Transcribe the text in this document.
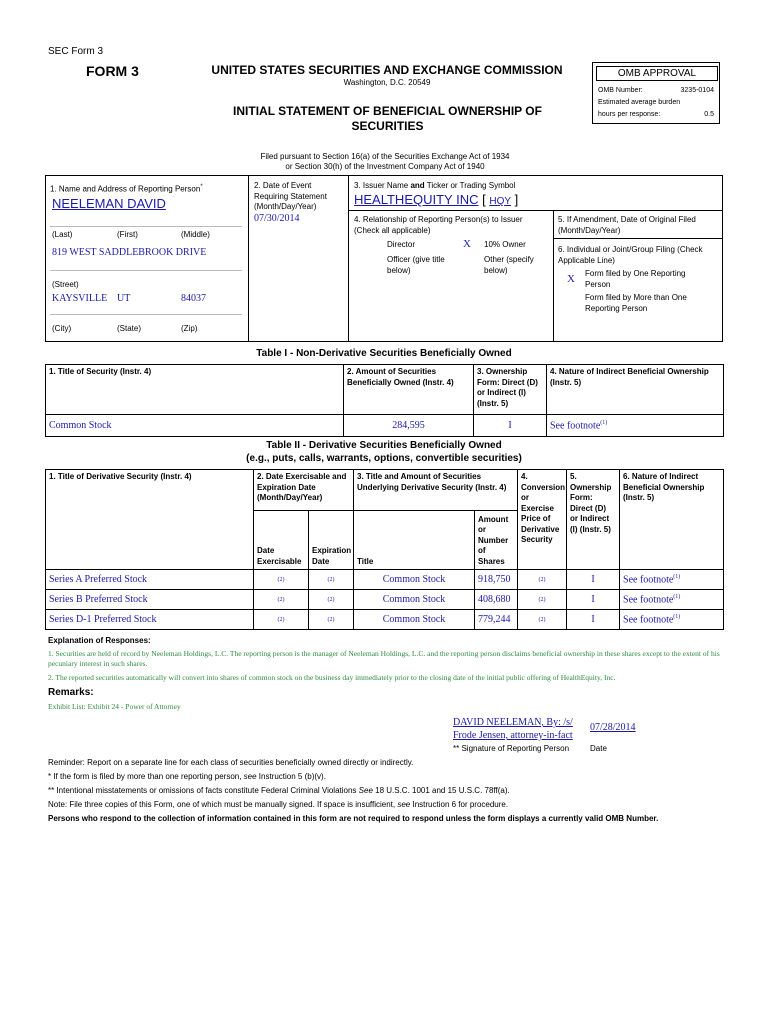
SEC Form 3
FORM 3	UNITED STATES SECURITIES AND EXCHANGE COMMISSION
Washington, D.C. 20549
INITIAL STATEMENT OF BENEFICIAL OWNERSHIP OF SECURITIES
Filed pursuant to Section 16(a) of the Securities Exchange Act of 1934
or Section 30(h) of the Investment Company Act of 1940
OMB APPROVAL
OMB Number:	3235-0104
Estimated average burden
hours per response:	0.5
1. Name and Address of Reporting Person*
NEELEMAN DAVID
(Last)	(First)	(Middle)
819 WEST SADDLEBROOK DRIVE
(Street)
KAYSVILLE UT	84037
(City)	(State)	(Zip)
2. Date of Event Requiring Statement (Month/Day/Year)
07/30/2014
3. Issuer Name and Ticker or Trading Symbol
HEALTHEQUITY INC [ HQY ]
4. Relationship of Reporting Person(s) to Issuer
(Check all applicable)
Director	X 10% Owner
Officer (give title below)
Other (specify below)
5. If Amendment, Date of Original Filed (Month/Day/Year)
6. Individual or Joint/Group Filing (Check Applicable Line)
X Form filed by One Reporting Person
Form filed by More than One Reporting Person
Table I - Non-Derivative Securities Beneficially Owned
1. Title of Security (Instr. 4)	2. Amount of Securities Beneficially Owned (Instr. 4)	3. Ownership Form: Direct (D) or Indirect (I) (Instr. 5)	4. Nature of Indirect Beneficial Ownership (Instr. 5)
Common Stock	284,595	I	See footnote$^{(1)}$
Table II - Derivative Securities Beneficially Owned
(e.g., puts, calls, warrants, options, convertible securities)
1. Title of Derivative Security (Instr. 4)	2. Date Exercisable and Expiration Date (Month/Day/Year)		3. Title and Amount of Securities Underlying Derivative Security (Instr. 4)		4. Conversion or Exercise Price of Derivative Security	5. Ownership Form: Direct (D) or Indirect (I) (Instr. 5)	6. Nature of Indirect Beneficial Ownership (Instr. 5)
	Date Exercisable	Expiration Date	Title	Amount or Number of Shares			
Series A Preferred Stock	(2)	(2)	Common Stock	918,750	(2)	I	See footnote$^{(1)}$
Series B Preferred Stock	(2)	(2)	Common Stock	408,680	(2)	I	See footnote$^{(1)}$
Series D-1 Preferred Stock	(2)	(2)	Common Stock	779,244	(2)	I	See footnote$^{(1)}$
Explanation of Responses:
1. Securities are held of record by Neeleman Holdings, L.C. The reporting person is the manager of Neeleman Holdings, L.C. and the reporting person disclaims beneficial ownership in these shares except to the extent of his pecuniary interest in such shares.
2. The reported securities automatically will convert into shares of common stock on the business day immediately prior to the closing date of the initial public offering of HealthEquity, Inc.
Remarks:
Exhibit List: Exhibit 24 - Power of Attorney
DAVID NEELEMAN, By: /s/
Frode Jensen, attorney-in-fact
07/28/2014
** Signature of Reporting Person	Date
Reminder: Report on a separate line for each class of securities beneficially owned directly or indirectly.
* If the form is filed by more than one reporting person, see Instruction 5 (b)(v).
** Intentional misstatements or omissions of facts constitute Federal Criminal Violations See 18 U.S.C. 1001 and 15 U.S.C. 78ff(a).
Note: File three copies of this Form, one of which must be manually signed. If space is insufficient, see Instruction 6 for procedure.
Persons who respond to the collection of information contained in this form are not required to respond unless the form displays a currently valid OMB Number.
